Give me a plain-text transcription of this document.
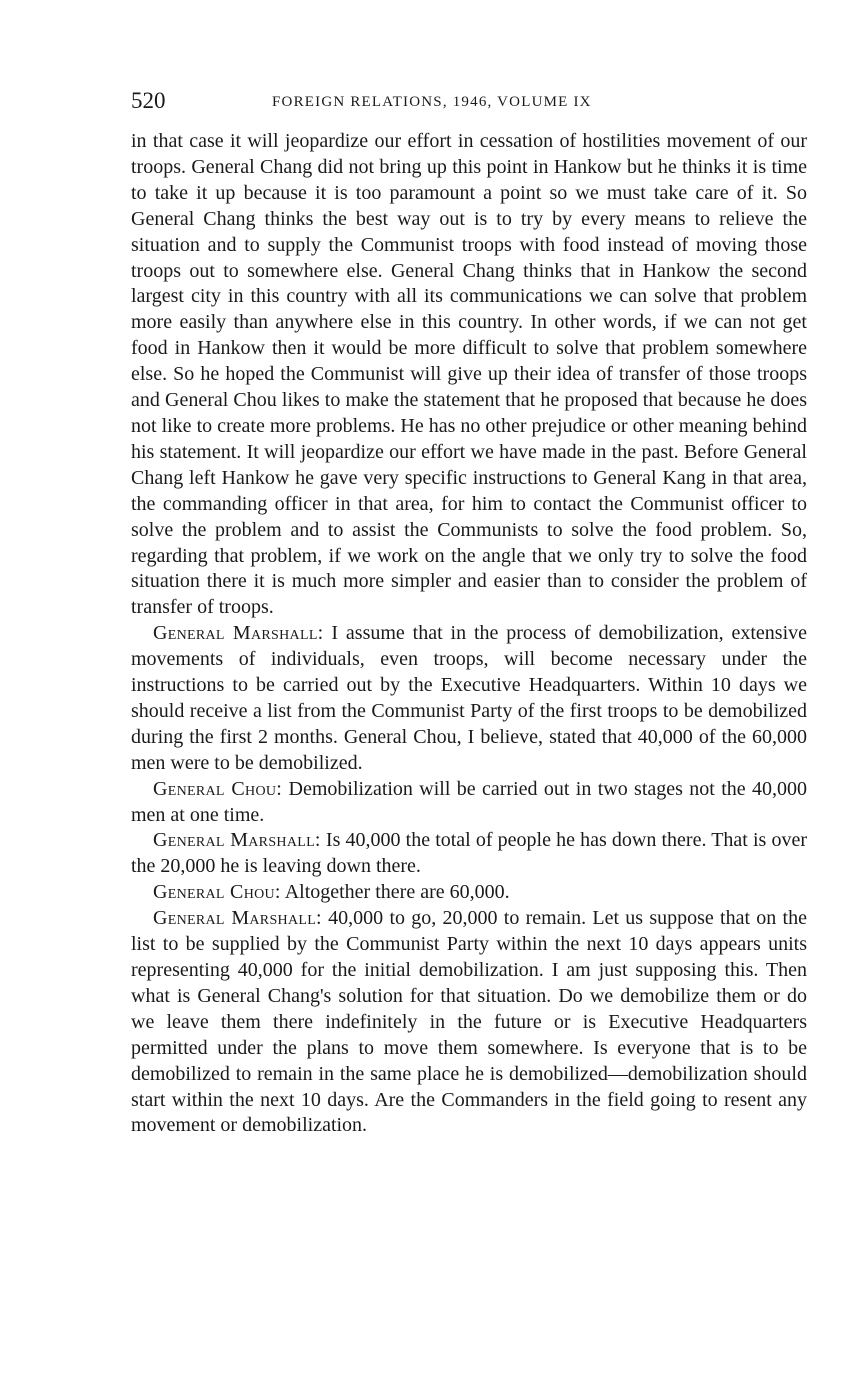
520	FOREIGN RELATIONS, 1946, VOLUME IX

in that case it will jeopardize our effort in cessation of hostilities movement of our troops. General Chang did not bring up this point in Hankow but he thinks it is time to take it up because it is too paramount a point so we must take care of it. So General Chang thinks the best way out is to try by every means to relieve the situation and to supply the Communist troops with food instead of moving those troops out to somewhere else. General Chang thinks that in Hankow the second largest city in this country with all its communications we can solve that problem more easily than anywhere else in this country. In other words, if we can not get food in Hankow then it would be more difficult to solve that problem somewhere else. So he hoped the Communist will give up their idea of transfer of those troops and General Chou likes to make the statement that he proposed that because he does not like to create more problems. He has no other prejudice or other meaning behind his statement. It will jeopardize our effort we have made in the past. Before General Chang left Hankow he gave very specific instructions to General Kang in that area, the commanding officer in that area, for him to contact the Communist officer to solve the problem and to assist the Communists to solve the food problem. So, regarding that problem, if we work on the angle that we only try to solve the food situation there it is much more simpler and easier than to consider the problem of transfer of troops.

General Marshall: I assume that in the process of demobilization, extensive movements of individuals, even troops, will become necessary under the instructions to be carried out by the Executive Headquarters. Within 10 days we should receive a list from the Communist Party of the first troops to be demobilized during the first 2 months. General Chou, I believe, stated that 40,000 of the 60,000 men were to be demobilized.

General Chou: Demobilization will be carried out in two stages not the 40,000 men at one time.

General Marshall: Is 40,000 the total of people he has down there. That is over the 20,000 he is leaving down there.

General Chou: Altogether there are 60,000.

General Marshall: 40,000 to go, 20,000 to remain. Let us suppose that on the list to be supplied by the Communist Party within the next 10 days appears units representing 40,000 for the initial demobilization. I am just supposing this. Then what is General Chang's solution for that situation. Do we demobilize them or do we leave them there indefinitely in the future or is Executive Headquarters permitted under the plans to move them somewhere. Is everyone that is to be demobilized to remain in the same place he is demobilized—demobilization should start within the next 10 days. Are the Commanders in the field going to resent any movement or demobilization.
